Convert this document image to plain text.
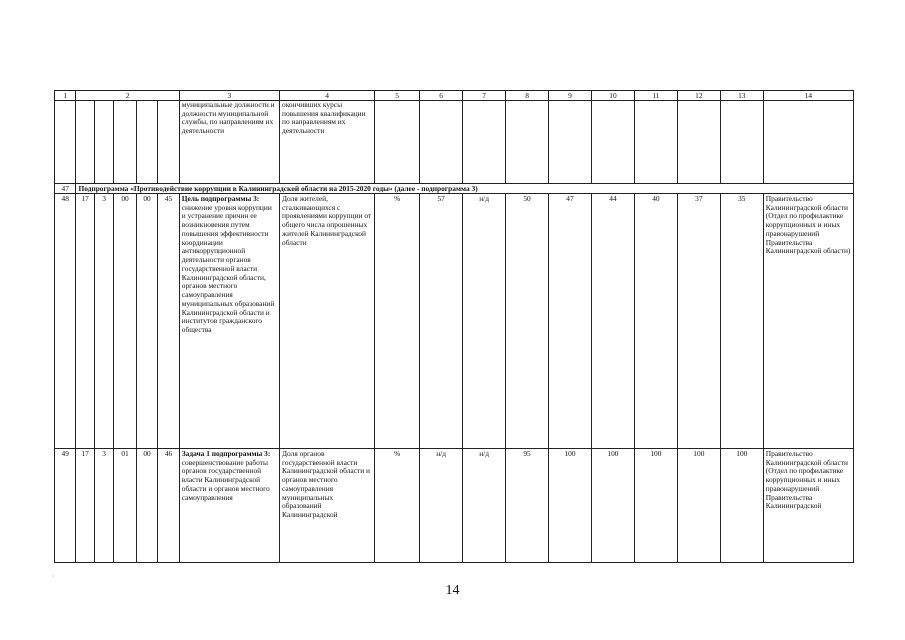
1	2					3	4	5	6	7	8	9	10	11	12	13	14
						муниципальные должности и должности муниципальной службы, по направлениям их деятельности	окончивших курсы повышения квалификации по направлениям их деятельности										
47	Подпрограмма «Противодействие коррупции в Калининградской области на 2015-2020 годы» (далее - подпрограмма 3)																
48	17	3	00	00	45	Цель подпрограммы 3: снижение уровня коррупции и устранение причин ее возникновения путем повышения эффективности координации антикоррупционной деятельности органов государственной власти Калининградской области, органов местного самоуправления муниципальных образований Калининградской области и институтов гражданского общества	Доля жителей, сталкивающихся с проявлениями коррупции от общего числа опрошенных жителей Калининградской области	%	57	н/д	50	47	44	40	37	35	Правительство Калининградской области (Отдел по профилактике коррупционных и иных правонарушений Правительства Калининградской области)
49	17	3	01	00	46	Задача 1 подпрограммы 3: совершенствование работы органов государственной власти Калининградской области и органов местного самоуправления	Доля органов государственной власти Калининградской области и органов местного самоуправления муниципальных образований Калининградской	%	н/д	н/д	95	100	100	100	100	100	Правительство Калининградской области (Отдел по профилактике коррупционных и иных правонарушений Правительства Калининградской
·
14
